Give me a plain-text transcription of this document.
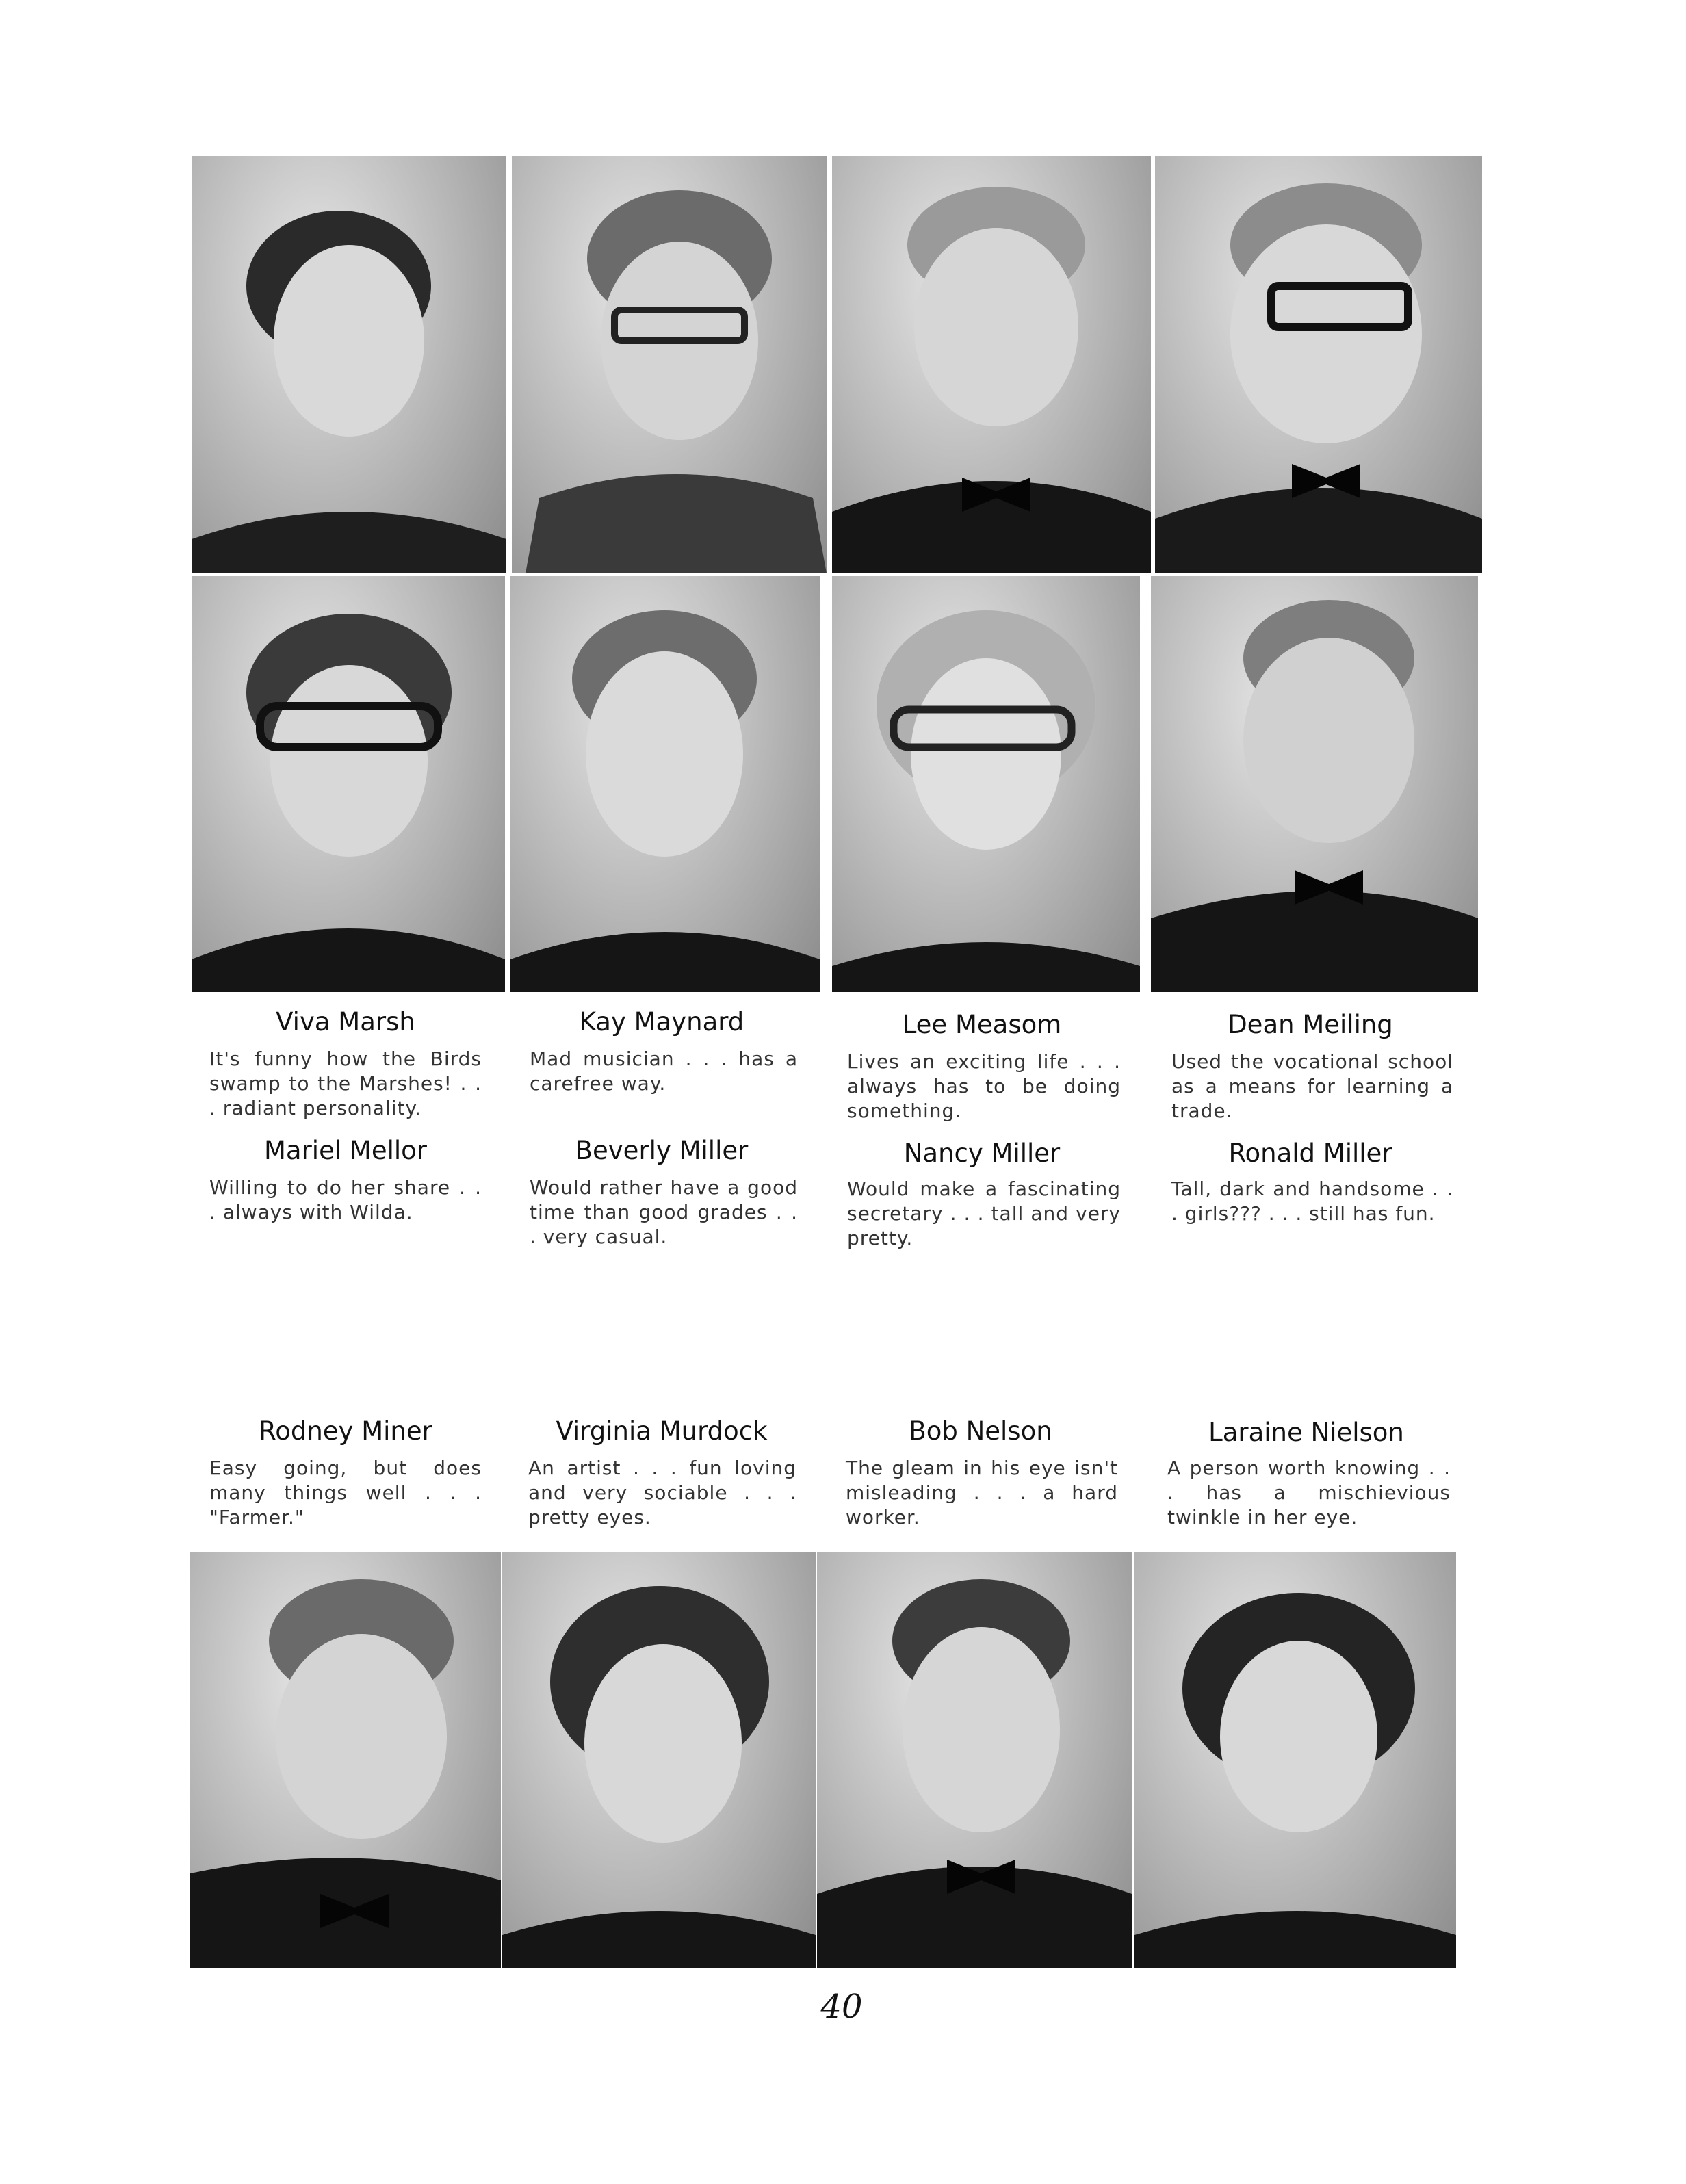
Viva Marsh
It's funny how the Birds swamp to the Marshes! . . . radiant personality.
Kay Maynard
Mad musician . . . has a carefree way.
Lee Measom
Lives an exciting life . . . always has to be doing something.
Dean Meiling
Used the vocational school as a means for learning a trade.
Mariel Mellor
Willing to do her share . . . always with Wilda.
Beverly Miller
Would rather have a good time than good grades . . . very casual.
Nancy Miller
Would make a fascinating secretary . . . tall and very pretty.
Ronald Miller
Tall, dark and handsome . . . girls??? . . . still has fun.
Rodney Miner
Easy going, but does many things well . . . "Farmer."
Virginia Murdock
An artist . . . fun loving and very sociable . . . pretty eyes.
Bob Nelson
The gleam in his eye isn't misleading . . . a hard worker.
Laraine Nielson
A person worth knowing . . . has a mischievious twinkle in her eye.
40
